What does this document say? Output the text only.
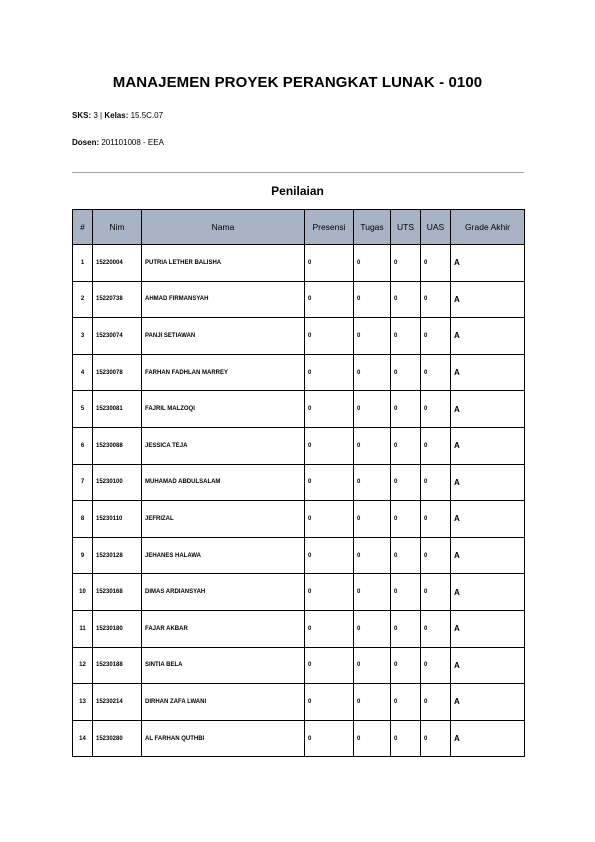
MANAJEMEN PROYEK PERANGKAT LUNAK - 0100
SKS: 3 | Kelas: 15.5C.07
Dosen: 201101008 - EEA
Penilaian
#	Nim	Nama	Presensi	Tugas	UTS	UAS	Grade Akhir
1	15220004	PUTRIA LETHER BALISHA	0	0	0	0	A
2	15220738	AHMAD FIRMANSYAH	0	0	0	0	A
3	15230074	PANJI SETIAWAN	0	0	0	0	A
4	15230078	FARHAN FADHLAN MARREY	0	0	0	0	A
5	15230081	FAJRIL MALZOQI	0	0	0	0	A
6	15230088	JESSICA TEJA	0	0	0	0	A
7	15230100	MUHAMAD ABDULSALAM	0	0	0	0	A
8	15230110	JEFRIZAL	0	0	0	0	A
9	15230128	JEHANES HALAWA	0	0	0	0	A
10	15230168	DIMAS ARDIANSYAH	0	0	0	0	A
11	15230180	FAJAR AKBAR	0	0	0	0	A
12	15230188	SINTIA BELA	0	0	0	0	A
13	15230214	DIRHAN ZAFA LWANI	0	0	0	0	A
14	15230280	AL FARHAN QUTHBI	0	0	0	0	A
